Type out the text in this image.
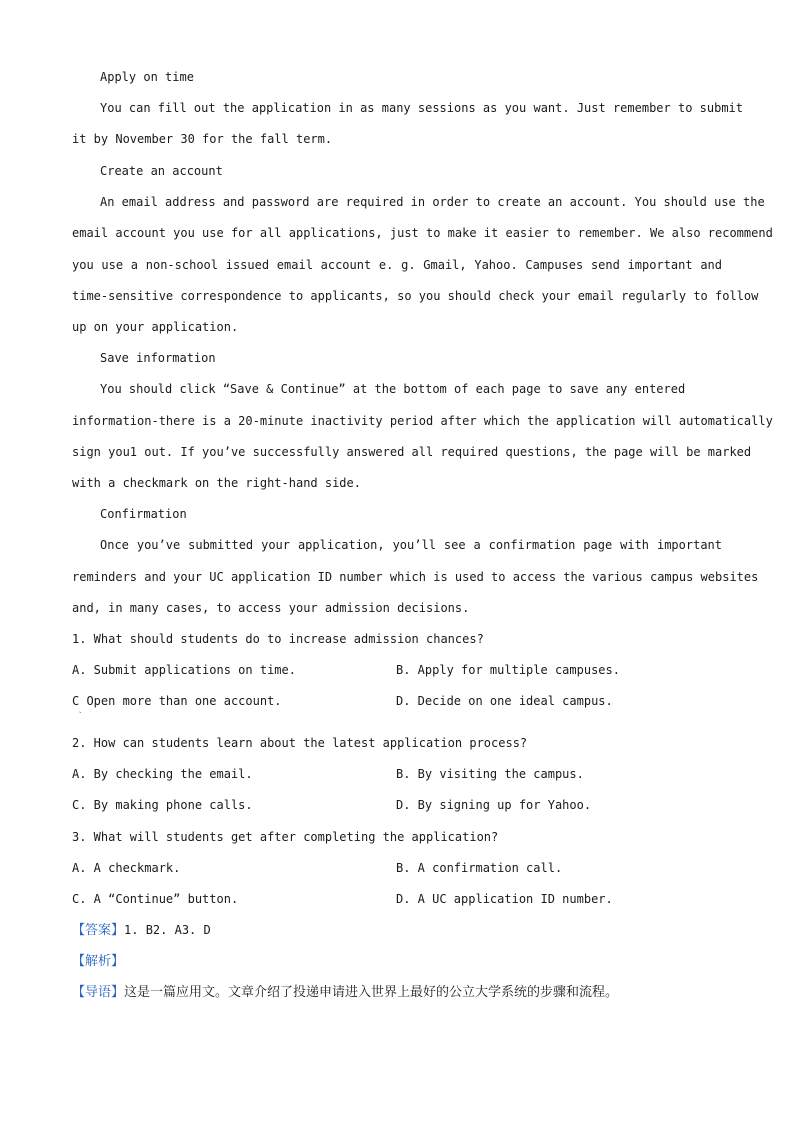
Apply on time
You can fill out the application in as many sessions as you want. Just remember to submit
it by November 30 for the fall term.
Create an account
An email address and password are required in order to create an account. You should use the
email account you use for all applications, just to make it easier to remember. We also recommend
you use a non-school issued email account e. g. Gmail, Yahoo. Campuses send important and
time-sensitive correspondence to applicants, so you should check your email regularly to follow
up on your application.
Save information
You should click “Save & Continue” at the bottom of each page to save any entered
information-there is a 20-minute inactivity period after which the application will automatically
sign you1 out. If you’ve successfully answered all required questions, the page will be marked
with a checkmark on the right-hand side.
Confirmation
Once you’ve submitted your application, you’ll see a confirmation page with important
reminders and your UC application ID number which is used to access the various campus websites
and, in many cases, to access your admission decisions.
1. What should students do to increase admission chances?
A. Submit applications on time.	B. Apply for multiple campuses.
C Open more than one account.	D. Decide on one ideal campus.
ˋ
2. How can students learn about the latest application process?
A. By checking the email.	B. By visiting the campus.
C. By making phone calls.	D. By signing up for Yahoo.
3. What will students get after completing the application?
A. A checkmark.	B. A confirmation call.
C. A “Continue” button.	D. A UC application ID number.
【答案】1. B2. A3. D
【解析】
【导语】这是一篇应用文。文章介绍了投递申请进入世界上最好的公立大学系统的步骤和流程。
